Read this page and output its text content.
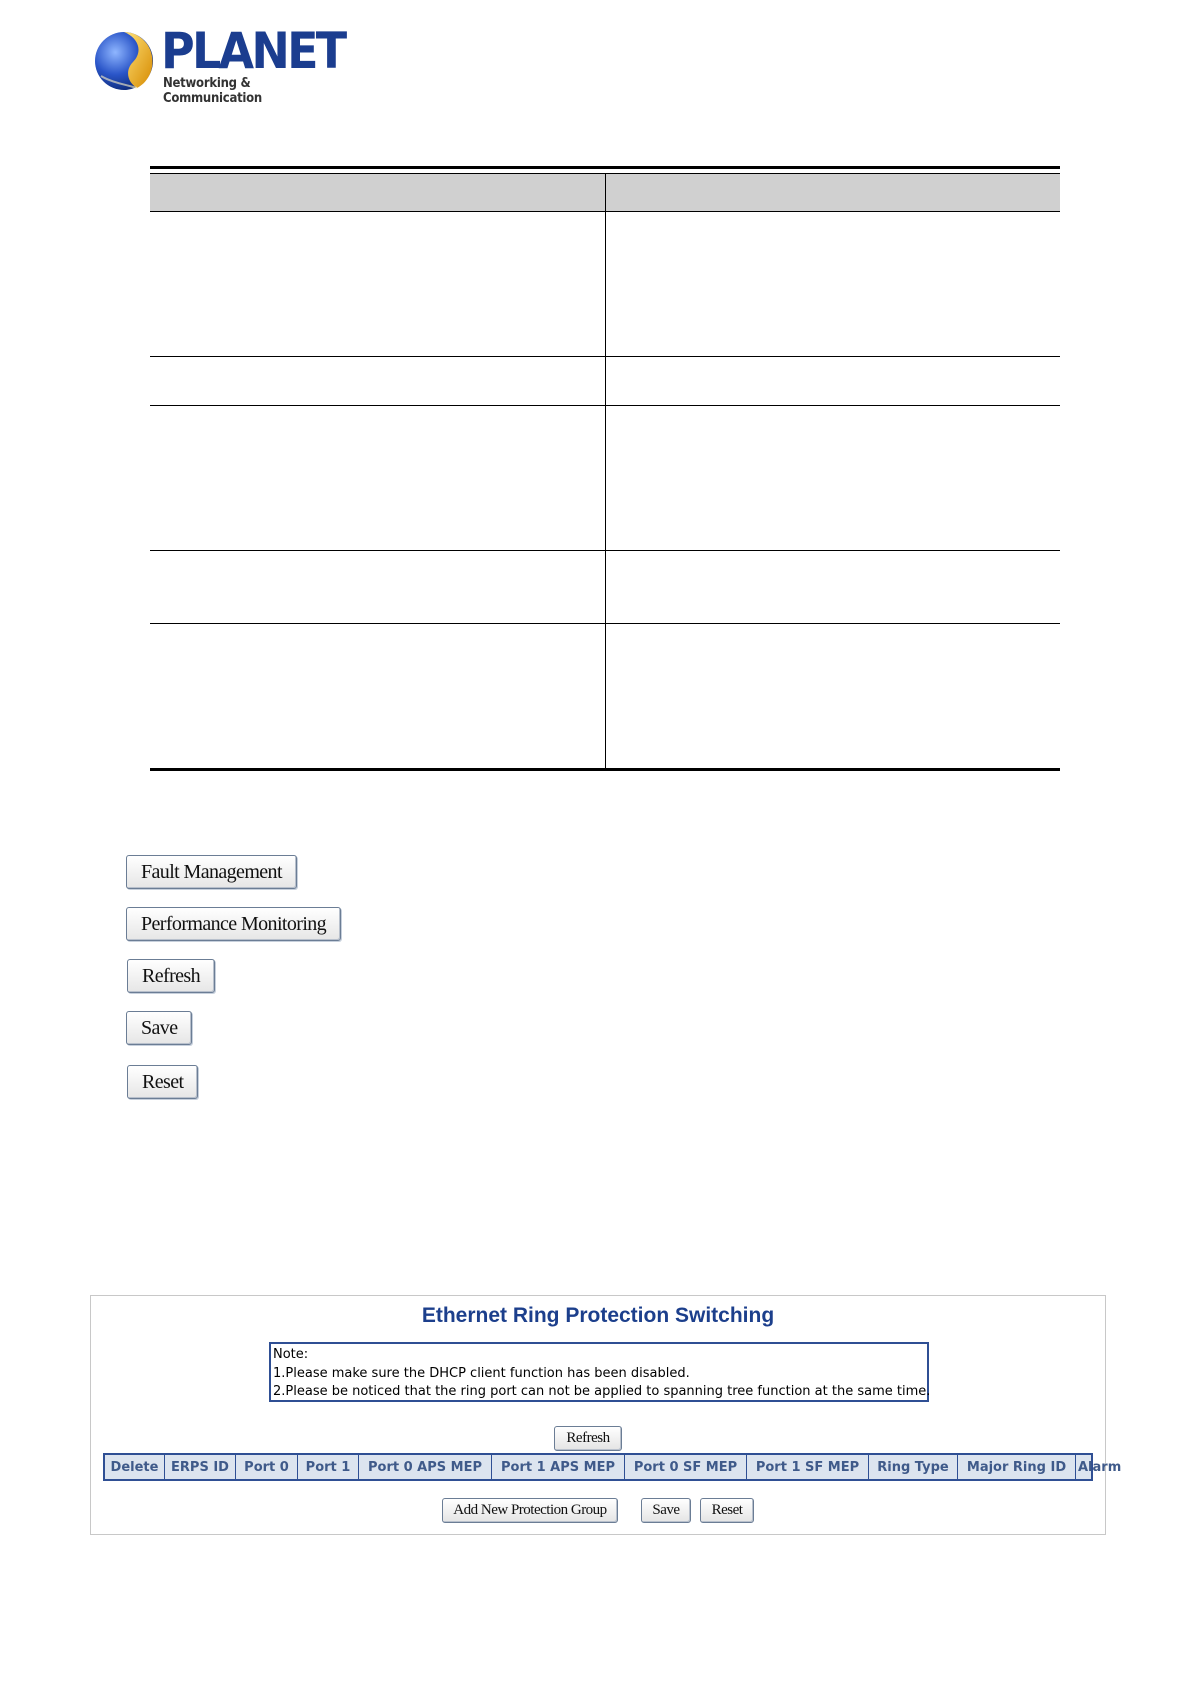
PLANET
Networking & Communication

Fault Management
Performance Monitoring
Refresh
Save
Reset
Ethernet Ring Protection Switching
Note:
1.Please make sure the DHCP client function has been disabled.
2.Please be noticed that the ring port can not be applied to spanning tree function at the same time.
Refresh
Delete	ERPS ID	Port 0	Port 1	Port 0 APS MEP	Port 1 APS MEP	Port 0 SF MEP	Port 1 SF MEP	Ring Type	Major Ring ID	Alarm
Add New Protection Group	Save	Reset
